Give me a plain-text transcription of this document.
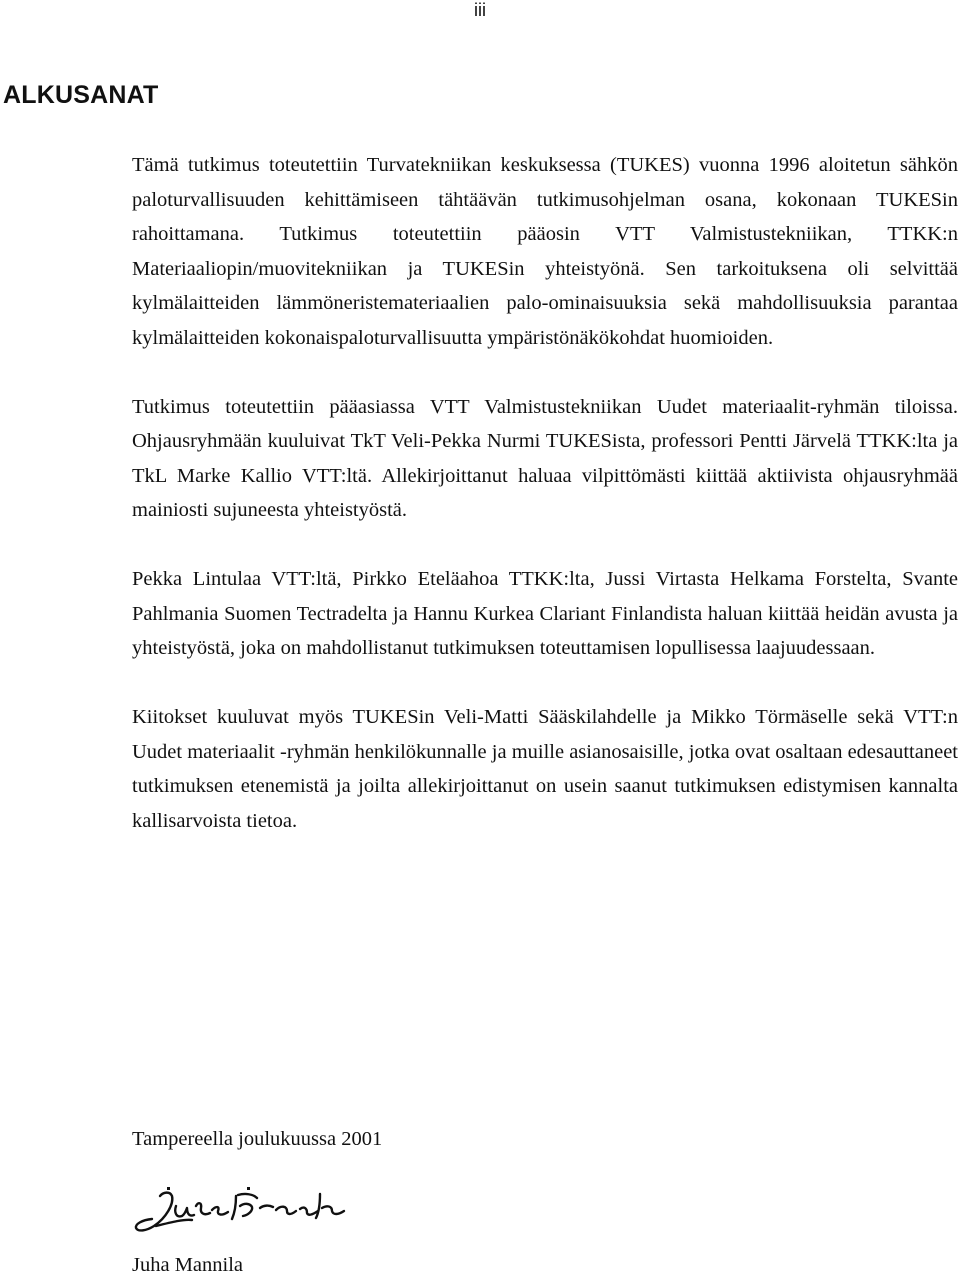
iii
ALKUSANAT

Tämä tutkimus toteutettiin Turvatekniikan keskuksessa (TUKES) vuonna 1996 aloitetun sähkön paloturvallisuuden kehittämiseen tähtäävän tutkimusohjelman osana, kokonaan TUKESin rahoittamana. Tutkimus toteutettiin pääosin VTT Valmistustekniikan, TTKK:n Materiaaliopin/muovitekniikan ja TUKESin yhteistyönä. Sen tarkoituksena oli selvittää kylmälaitteiden lämmöneristemateriaalien palo-ominaisuuksia sekä mahdollisuuksia parantaa kylmälaitteiden kokonaispaloturvallisuutta ympäristönäkökohdat huomioiden.

Tutkimus toteutettiin pääasiassa VTT Valmistustekniikan Uudet materiaalit-ryhmän tiloissa. Ohjausryhmään kuuluivat TkT Veli-Pekka Nurmi TUKESista, professori Pentti Järvelä TTKK:lta ja TkL Marke Kallio VTT:ltä. Allekirjoittanut haluaa vilpittömästi kiittää aktiivista ohjausryhmää mainiosti sujuneesta yhteistyöstä.

Pekka Lintulaa VTT:ltä, Pirkko Eteläahoa TTKK:lta, Jussi Virtasta Helkama Forstelta, Svante Pahlmania Suomen Tectradelta ja Hannu Kurkea Clariant Finlandista haluan kiittää heidän avusta ja yhteistyöstä, joka on mahdollistanut tutkimuksen toteuttamisen lopullisessa laajuudessaan.

Kiitokset kuuluvat myös TUKESin Veli-Matti Sääskilahdelle ja Mikko Törmäselle sekä VTT:n Uudet materiaalit -ryhmän henkilökunnalle ja muille asianosaisille, jotka ovat osaltaan edesauttaneet tutkimuksen etenemistä ja joilta allekirjoittanut on usein saanut tutkimuksen edistymisen kannalta kallisarvoista tietoa.

Tampereella joulukuussa 2001
Juha Mannila
